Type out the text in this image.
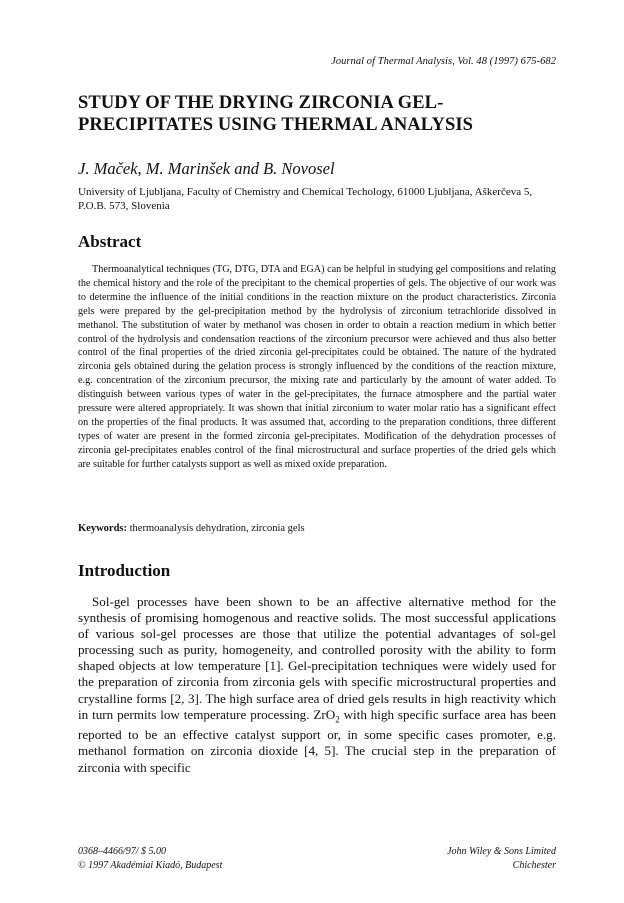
Journal of Thermal Analysis, Vol. 48 (1997) 675-682
STUDY OF THE DRYING ZIRCONIA GEL-PRECIPITATES USING THERMAL ANALYSIS

J. Maček, M. Marinšek and B. Novosel

University of Ljubljana, Faculty of Chemistry and Chemical Techology, 61000 Ljubljana, Aškerčeva 5, P.O.B. 573, Slovenia

Abstract

Thermoanalytical techniques (TG, DTG, DTA and EGA) can be helpful in studying gel compositions and relating the chemical history and the role of the precipitant to the chemical properties of gels. The objective of our work was to determine the influence of the initial conditions in the reaction mixture on the product characteristics. Zirconia gels were prepared by the gel-precipitation method by the hydrolysis of zirconium tetrachloride dissolved in methanol. The substitution of water by methanol was chosen in order to obtain a reaction medium in which better control of the hydrolysis and condensation reactions of the zirconium precursor were achieved and thus also better control of the final properties of the dried zirconia gel-precipitates could be obtained. The nature of the hydrated zirconia gels obtained during the gelation process is strongly influenced by the conditions of the reaction mixture, e.g. concentration of the zirconium precursor, the mixing rate and particularly by the amount of water added. To distinguish between various types of water in the gel-precipitates, the furnace atmosphere and the partial water pressure were altered appropriately. It was shown that initial zirconium to water molar ratio has a significant effect on the properties of the final products. It was assumed that, according to the preparation conditions, three different types of water are present in the formed zirconia gel-precipitates. Modification of the dehydration processes of zirconia gel-precipitates enables control of the final microstructural and surface properties of the dried gels which are suitable for further catalysts support as well as mixed oxide preparation.

Keywords: thermoanalysis dehydration, zirconia gels

Introduction

Sol-gel processes have been shown to be an affective alternative method for the synthesis of promising homogenous and reactive solids. The most successful applications of various sol-gel processes are those that utilize the potential advantages of sol-gel processing such as purity, homogeneity, and controlled porosity with the ability to form shaped objects at low temperature [1]. Gel-precipitation techniques were widely used for the preparation of zirconia from zirconia gels with specific microstructural properties and crystalline forms [2, 3]. The high surface area of dried gels results in high reactivity which in turn permits low temperature processing. ZrO$_2$ with high specific surface area has been reported to be an effective catalyst support or, in some specific cases promoter, e.g. methanol formation on zirconia dioxide [4, 5]. The crucial step in the preparation of zirconia with specific

0368–4466/97/ $ 5.00
© 1997 Akadémiai Kiadó, Budapest
John Wiley & Sons Limited
Chichester
